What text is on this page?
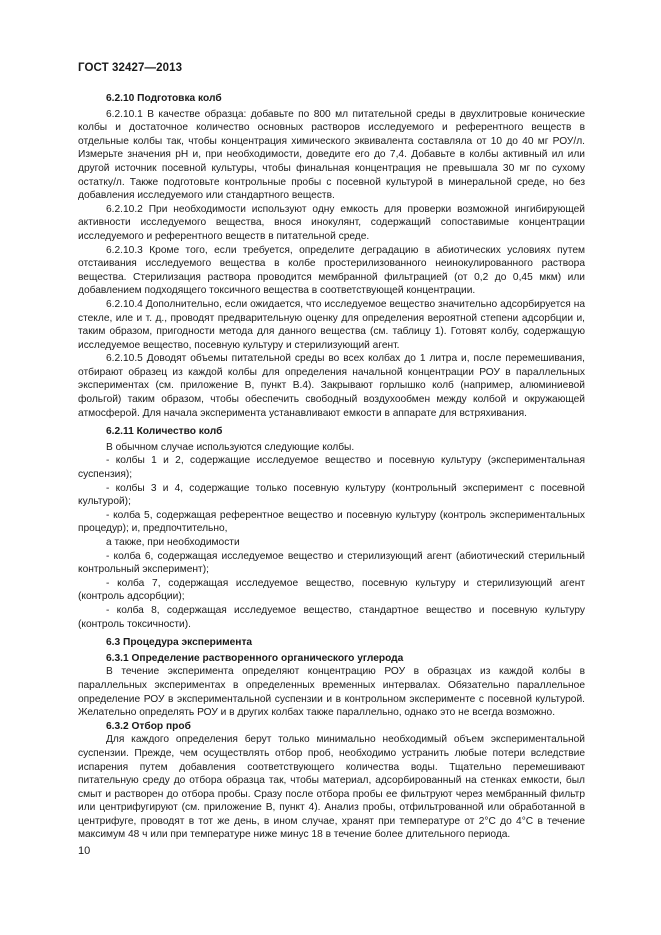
ГОСТ 32427—2013

6.2.10 Подготовка колб

6.2.10.1 В качестве образца: добавьте по 800 мл питательной среды в двухлитровые конические колбы и достаточное количество основных растворов исследуемого и референтного веществ в отдельные колбы так, чтобы концентрация химического эквивалента составляла от 10 до 40 мг РОУ/л. Измерьте значения pH и, при необходимости, доведите его до 7,4. Добавьте в колбы активный ил или другой источник посевной культуры, чтобы финальная концентрация не превышала 30 мг по сухому остатку/л. Также подготовьте контрольные пробы с посевной культурой в минеральной среде, но без добавления исследуемого или стандартного веществ.

6.2.10.2 При необходимости используют одну емкость для проверки возможной ингибирующей активности исследуемого вещества, внося инокулянт, содержащий сопоставимые концентрации исследуемого и референтного веществ в питательной среде.

6.2.10.3 Кроме того, если требуется, определите деградацию в абиотических условиях путем отстаивания исследуемого вещества в колбе простерилизованного неинокулированного раствора вещества. Стерилизация раствора проводится мембранной фильтрацией (от 0,2 до 0,45 мкм) или добавлением подходящего токсичного вещества в соответствующей концентрации.

6.2.10.4 Дополнительно, если ожидается, что исследуемое вещество значительно адсорбируется на стекле, иле и т. д., проводят предварительную оценку для определения вероятной степени адсорбции и, таким образом, пригодности метода для данного вещества (см. таблицу 1). Готовят колбу, содержащую исследуемое вещество, посевную культуру и стерилизующий агент.

6.2.10.5 Доводят объемы питательной среды во всех колбах до 1 литра и, после перемешивания, отбирают образец из каждой колбы для определения начальной концентрации РОУ в параллельных экспериментах (см. приложение В, пункт В.4). Закрывают горлышко колб (например, алюминиевой фольгой) таким образом, чтобы обеспечить свободный воздухообмен между колбой и окружающей атмосферой. Для начала эксперимента устанавливают емкости в аппарате для встряхивания.

6.2.11 Количество колб

В обычном случае используются следующие колбы.

- колбы 1 и 2, содержащие исследуемое вещество и посевную культуру (экспериментальная суспензия);

- колбы 3 и 4, содержащие только посевную культуру (контрольный эксперимент с посевной культурой);

- колба 5, содержащая референтное вещество и посевную культуру (контроль экспериментальных процедур); и, предпочтительно,

а также, при необходимости

- колба 6, содержащая исследуемое вещество и стерилизующий агент (абиотический стерильный контрольный эксперимент);

- колба 7, содержащая исследуемое вещество, посевную культуру и стерилизующий агент (контроль адсорбции);

- колба 8, содержащая исследуемое вещество, стандартное вещество и посевную культуру (контроль токсичности).

6.3 Процедура эксперимента

6.3.1 Определение растворенного органического углерода

В течение эксперимента определяют концентрацию РОУ в образцах из каждой колбы в параллельных экспериментах в определенных временных интервалах. Обязательно параллельное определение РОУ в экспериментальной суспензии и в контрольном эксперименте с посевной культурой. Желательно определять РОУ и в других колбах также параллельно, однако это не всегда возможно.

6.3.2 Отбор проб

Для каждого определения берут только минимально необходимый объем экспериментальной суспензии. Прежде, чем осуществлять отбор проб, необходимо устранить любые потери вследствие испарения путем добавления соответствующего количества воды. Тщательно перемешивают питательную среду до отбора образца так, чтобы материал, адсорбированный на стенках емкости, был смыт и растворен до отбора пробы. Сразу после отбора пробы ее фильтруют через мембранный фильтр или центрифугируют (см. приложение В, пункт 4). Анализ пробы, отфильтрованной или обработанной в центрифуге, проводят в тот же день, в ином случае, хранят при температуре от 2°С до 4°С в течение максимум 48 ч или при температуре ниже минус 18 в течение более длительного периода.

10
